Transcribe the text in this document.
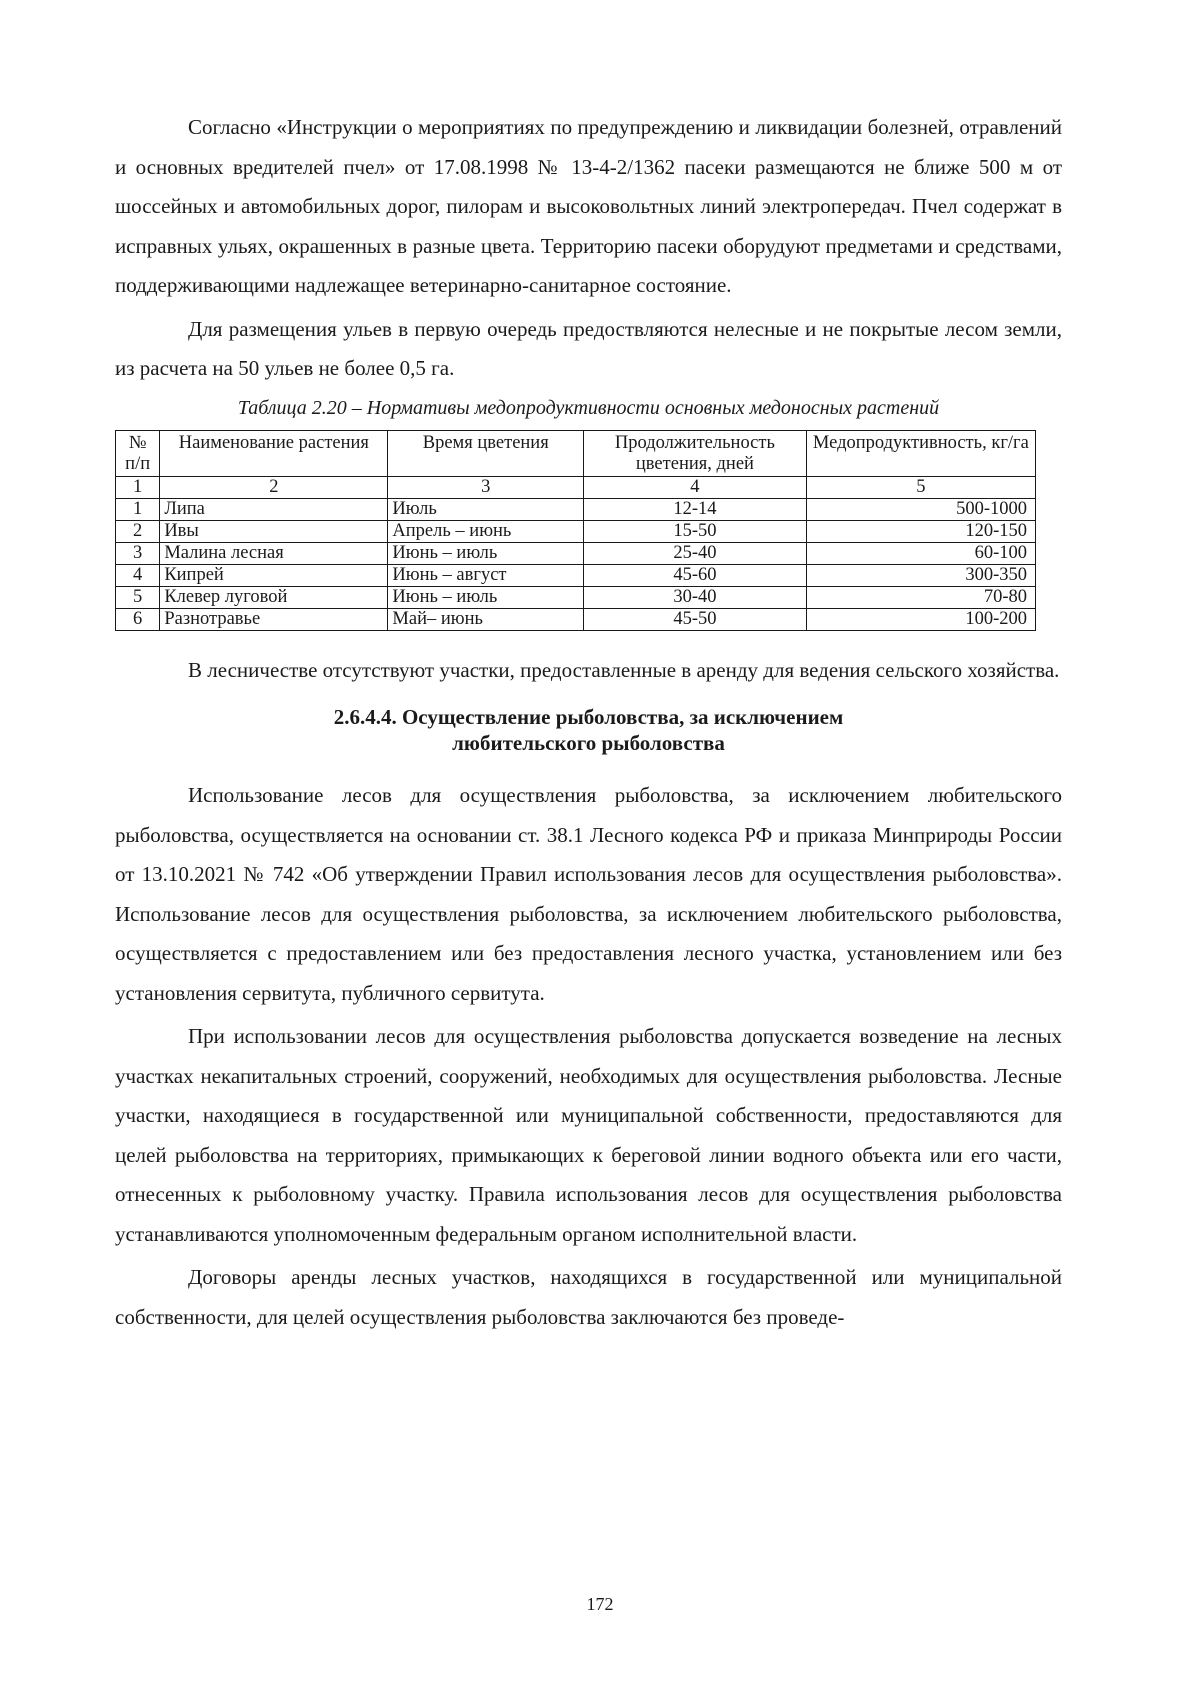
Согласно «Инструкции о мероприятиях по предупреждению и ликвидации болезней, отравлений и основных вредителей пчел» от 17.08.1998 № 13-4-2/1362 пасеки размещаются не ближе 500 м от шоссейных и автомобильных дорог, пилорам и высоковольтных линий электропередач. Пчел содержат в исправных ульях, окрашенных в разные цвета. Территорию пасеки оборудуют предметами и средствами, поддерживающими надлежащее ветеринарно-санитарное состояние.

Для размещения ульев в первую очередь предоствляются нелесные и не покрытые лесом земли, из расчета на 50 ульев не более 0,5 га.

Таблица 2.20 – Нормативы медопродуктивности основных медоносных растений

№ п/п	Наименование растения	Время цветения	Продолжительность цветения, дней	Медопродуктивность, кг/га
1	2	3	4	5
1	Липа	Июль	12-14	500-1000
2	Ивы	Апрель – июнь	15-50	120-150
3	Малина лесная	Июнь – июль	25-40	60-100
4	Кипрей	Июнь – август	45-60	300-350
5	Клевер луговой	Июнь – июль	30-40	70-80
6	Разнотравье	Май– июнь	45-50	100-200

В лесничестве отсутствуют участки, предоставленные в аренду для ведения сельского хозяйства.

2.6.4.4. Осуществление рыболовства, за исключением
любительского рыболовства

Использование лесов для осуществления рыболовства, за исключением любительского рыболовства, осуществляется на основании ст. 38.1 Лесного кодекса РФ и приказа Минприроды России от 13.10.2021 № 742 «Об утверждении Правил использования лесов для осуществления рыболовства». Использование лесов для осуществления рыболовства, за исключением любительского рыболовства, осуществляется с предоставлением или без предоставления лесного участка, установлением или без установления сервитута, публичного сервитута.

При использовании лесов для осуществления рыболовства допускается возведение на лесных участках некапитальных строений, сооружений, необходимых для осуществления рыболовства. Лесные участки, находящиеся в государственной или муниципальной собственности, предоставляются для целей рыболовства на территориях, примыкающих к береговой линии водного объекта или его части, отнесенных к рыболовному участку. Правила использования лесов для осуществления рыболовства устанавливаются уполномоченным федеральным органом исполнительной власти.

Договоры аренды лесных участков, находящихся в государственной или муниципальной собственности, для целей осуществления рыболовства заключаются без проведе-

172
